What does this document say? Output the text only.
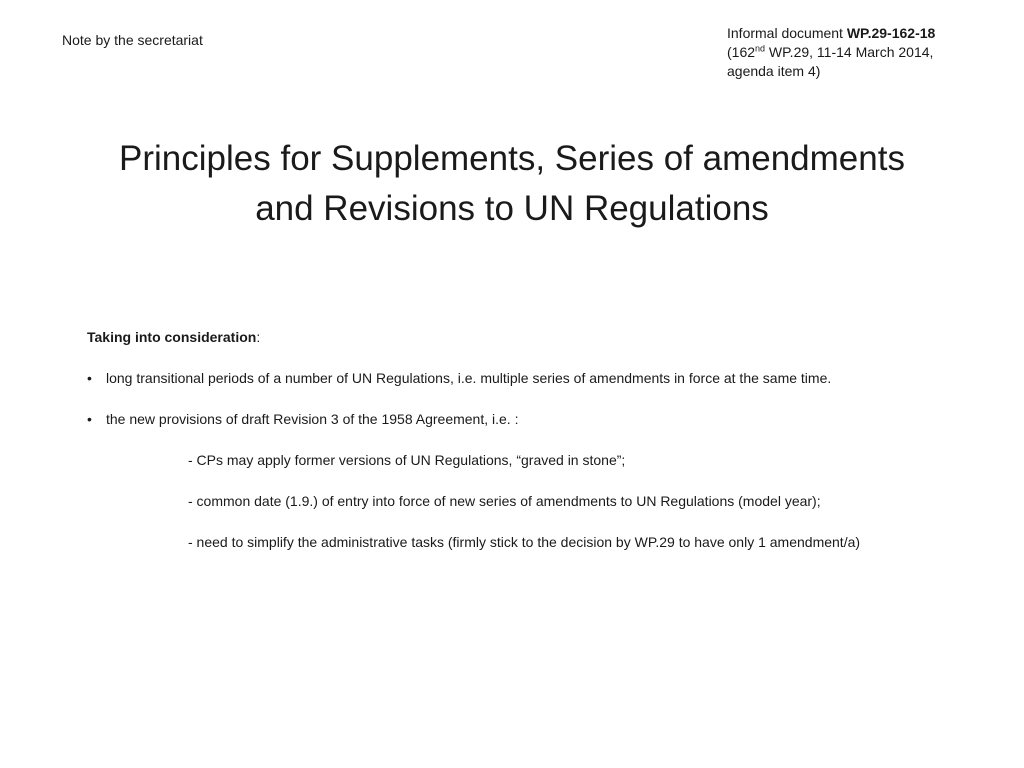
Note by the secretariat	Informal document WP.29-162-18
(162nd WP.29, 11-14 March 2014,
agenda item 4)
Principles for Supplements, Series of amendments
and Revisions to UN Regulations

Taking into consideration:

• long transitional periods of a number of UN Regulations, i.e. multiple series of amendments in force at the same time.
• the new provisions of draft Revision 3 of the 1958 Agreement, i.e. :
- CPs may apply former versions of UN Regulations, “graved in stone”;
- common date (1.9.) of entry into force of new series of amendments to UN Regulations (model year);
- need to simplify the administrative tasks (firmly stick to the decision by WP.29 to have only 1 amendment/a)
